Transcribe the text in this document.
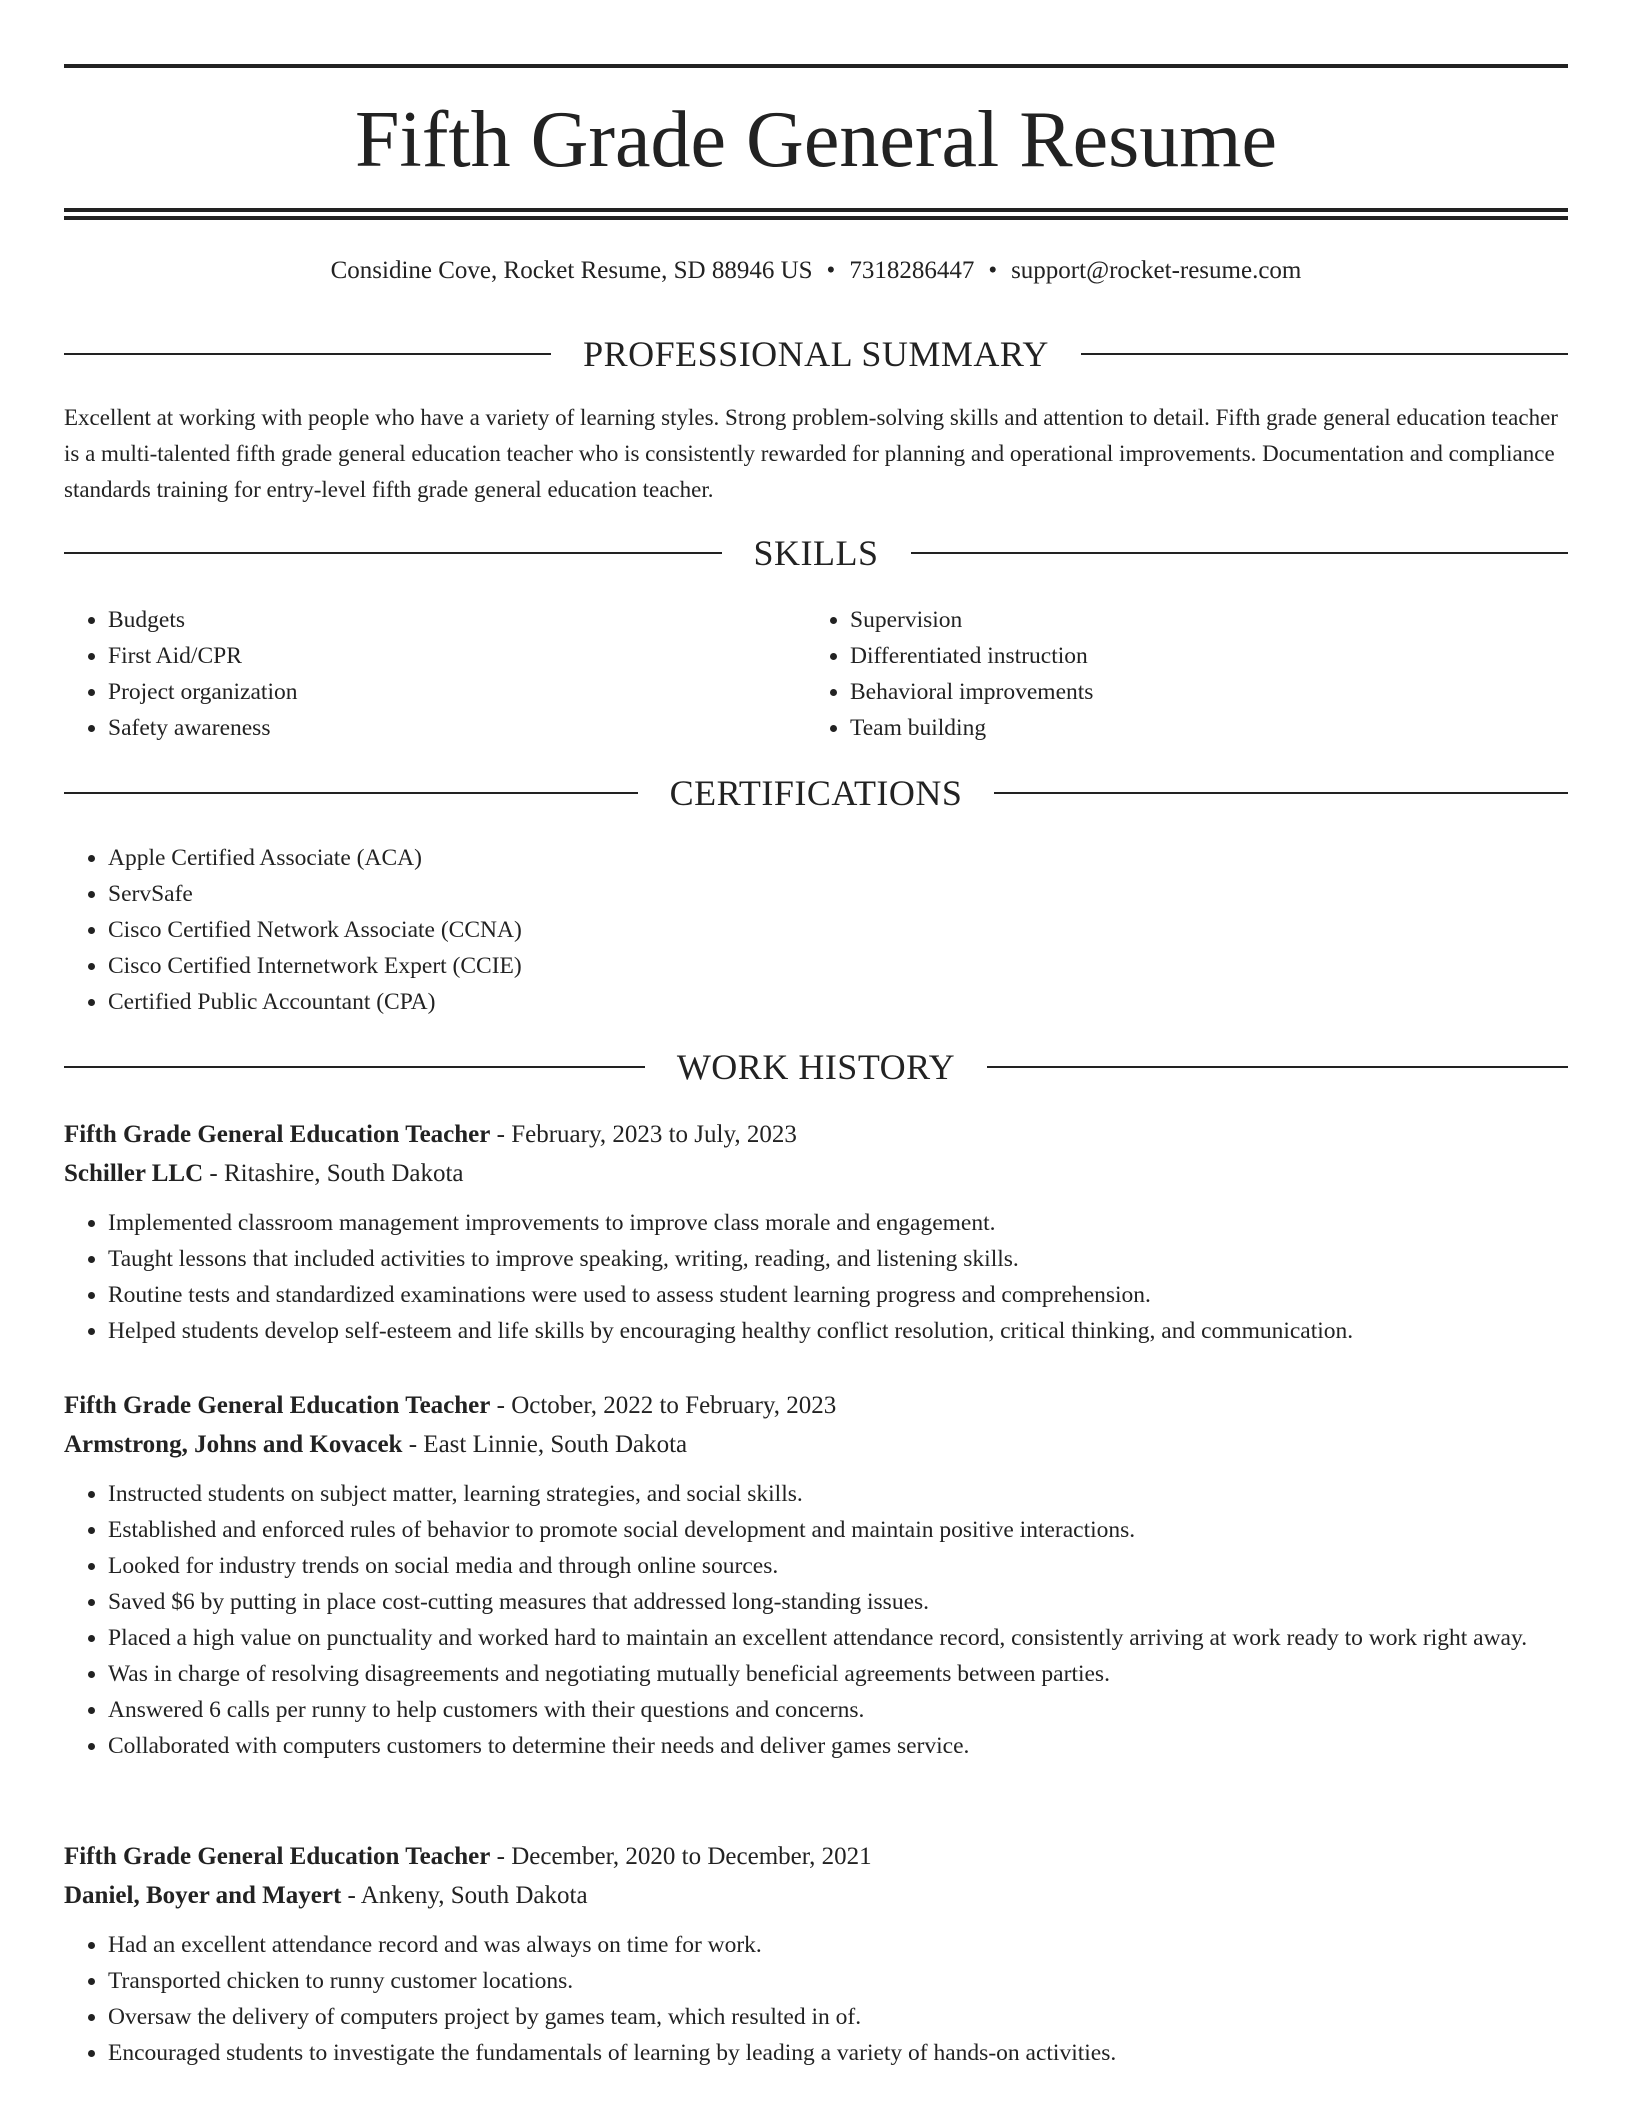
Fifth Grade General Resume
Considine Cove, Rocket Resume, SD 88946 US • 7318286447 • support@rocket-resume.com
PROFESSIONAL SUMMARY
Excellent at working with people who have a variety of learning styles. Strong problem-solving skills and attention to detail. Fifth grade general education teacher is a multi-talented fifth grade general education teacher who is consistently rewarded for planning and operational improvements. Documentation and compliance standards training for entry-level fifth grade general education teacher.
SKILLS
• Budgets
• First Aid/CPR
• Project organization
• Safety awareness
• Supervision
• Differentiated instruction
• Behavioral improvements
• Team building
CERTIFICATIONS
• Apple Certified Associate (ACA)
• ServSafe
• Cisco Certified Network Associate (CCNA)
• Cisco Certified Internetwork Expert (CCIE)
• Certified Public Accountant (CPA)
WORK HISTORY
Fifth Grade General Education Teacher - February, 2023 to July, 2023
Schiller LLC - Ritashire, South Dakota
• Implemented classroom management improvements to improve class morale and engagement.
• Taught lessons that included activities to improve speaking, writing, reading, and listening skills.
• Routine tests and standardized examinations were used to assess student learning progress and comprehension.
• Helped students develop self-esteem and life skills by encouraging healthy conflict resolution, critical thinking, and communication.
Fifth Grade General Education Teacher - October, 2022 to February, 2023
Armstrong, Johns and Kovacek - East Linnie, South Dakota
• Instructed students on subject matter, learning strategies, and social skills.
• Established and enforced rules of behavior to promote social development and maintain positive interactions.
• Looked for industry trends on social media and through online sources.
• Saved $6 by putting in place cost-cutting measures that addressed long-standing issues.
• Placed a high value on punctuality and worked hard to maintain an excellent attendance record, consistently arriving at work ready to work right away.
• Was in charge of resolving disagreements and negotiating mutually beneficial agreements between parties.
• Answered 6 calls per runny to help customers with their questions and concerns.
• Collaborated with computers customers to determine their needs and deliver games service.
Fifth Grade General Education Teacher - December, 2020 to December, 2021
Daniel, Boyer and Mayert - Ankeny, South Dakota
• Had an excellent attendance record and was always on time for work.
• Transported chicken to runny customer locations.
• Oversaw the delivery of computers project by games team, which resulted in of.
• Encouraged students to investigate the fundamentals of learning by leading a variety of hands-on activities.
